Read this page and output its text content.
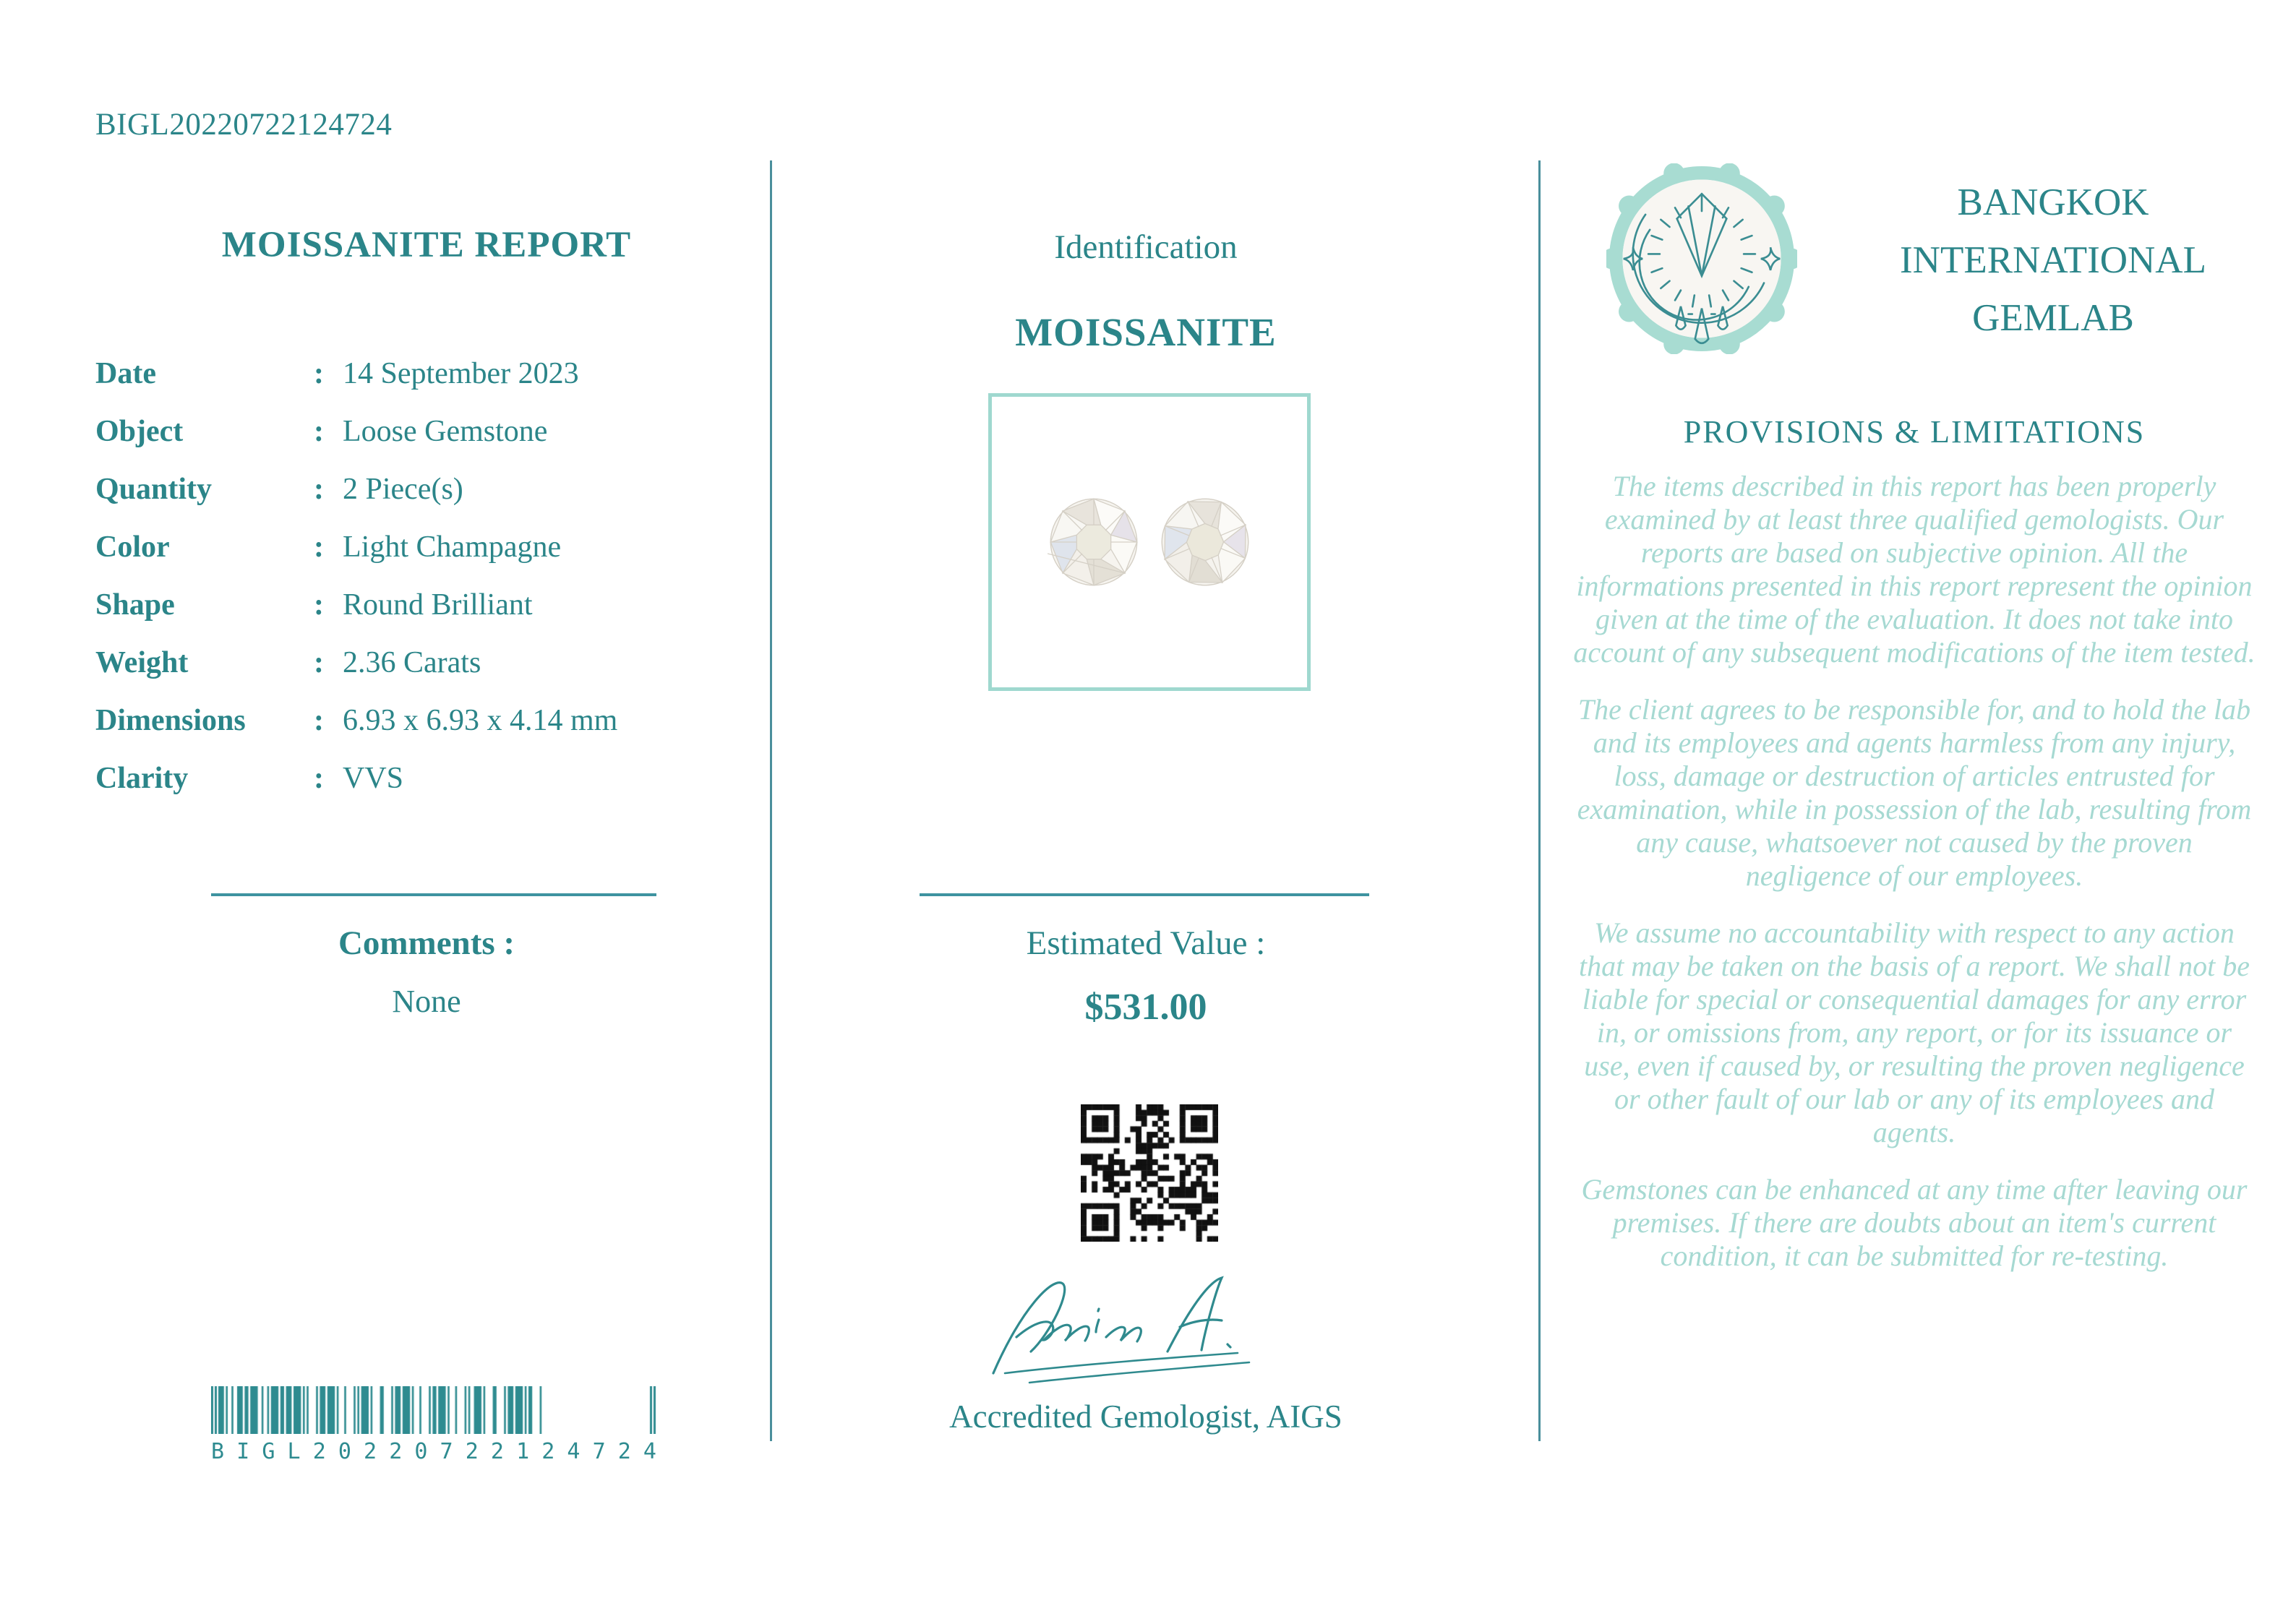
BIGL20220722124724
MOISSANITE REPORT
Date	: 14 September 2023
Object	: Loose Gemstone
Quantity	: 2 Piece(s)
Color	: Light Champagne
Shape	: Round Brilliant
Weight	: 2.36 Carats
Dimensions	: 6.93 x 6.93 x 4.14 mm
Clarity	: VVS
Comments :
None
B I G L 2 0 2 2 0 7 2 2 1 2 4 7 2 4
Identification
MOISSANITE
Estimated Value :
$531.00
Accredited Gemologist, AIGS
BANGKOK
INTERNATIONAL
GEMLAB
PROVISIONS & LIMITATIONS

The items described in this report has been properly examined by at least three qualified gemologists. Our reports are based on subjective opinion. All the informations presented in this report represent the opinion given at the time of the evaluation. It does not take into account of any subsequent modifications of the item tested.

The client agrees to be responsible for, and to hold the lab and its employees and agents harmless from any injury, loss, damage or destruction of articles entrusted for examination, while in possession of the lab, resulting from any cause, whatsoever not caused by the proven negligence of our employees.

We assume no accountability with respect to any action that may be taken on the basis of a report. We shall not be liable for special or consequential damages for any error in, or omissions from, any report, or for its issuance or use, even if caused by, or resulting the proven negligence or other fault of our lab or any of its employees and agents.

Gemstones can be enhanced at any time after leaving our premises. If there are doubts about an item's current condition, it can be submitted for re-testing.
